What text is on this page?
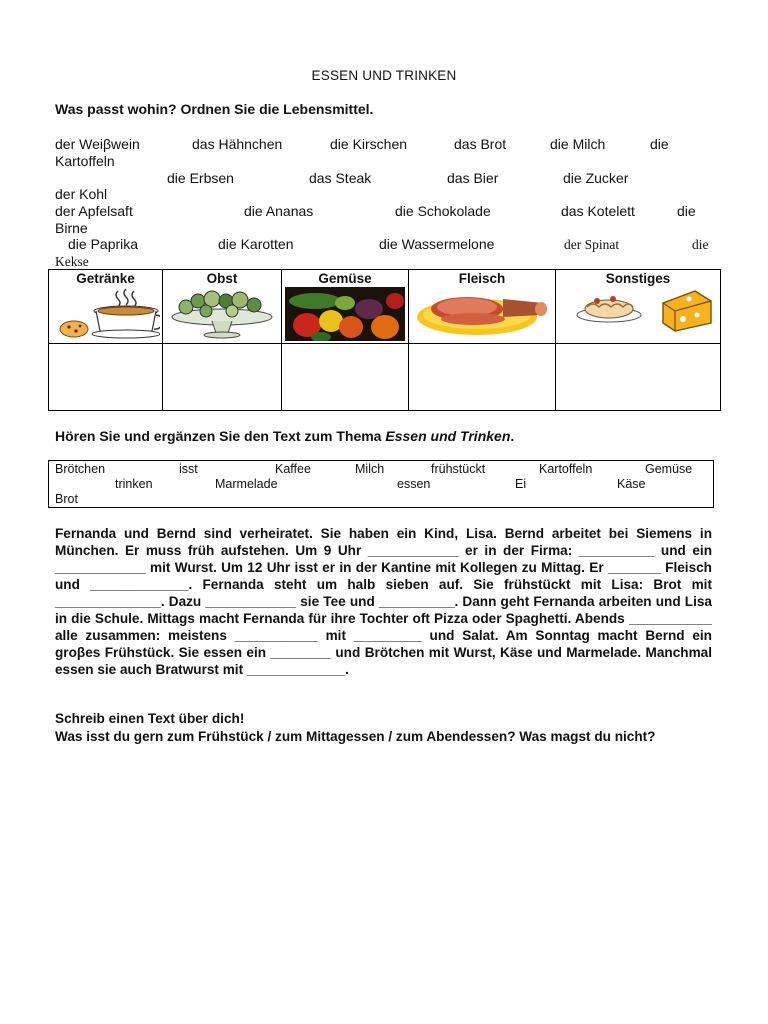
ESSEN UND TRINKEN
Was passt wohin? Ordnen Sie die Lebensmittel.
der Weiβwein	das Hähnchen	die Kirschen	das Brot	die Milch	die
Kartoffeln
die Erbsen	das Steak	das Bier	die Zucker
der Kohl
der Apfelsaft	die Ananas	die Schokolade	das Kotelett	die
Birne
die Paprika	die Karotten	die Wassermelone	der Spinat	die
Kekse
Getränke	Obst	Gemüse	Fleisch	Sonstiges

Hören Sie und ergänzen Sie den Text zum Thema Essen und Trinken.
Brötchen	isst	Kaffee	Milch	frühstückt	Kartoffeln	Gemüse
trinken	Marmelade	essen	Ei	Käse
Brot
Fernanda und Bernd sind verheiratet. Sie haben ein Kind, Lisa. Bernd arbeitet bei Siemens in München. Er muss früh aufstehen. Um 9 Uhr ____________ er in der Firma: __________ und ein ____________ mit Wurst. Um 12 Uhr isst er in der Kantine mit Kollegen zu Mittag. Er _______ Fleisch und _____________. Fernanda steht um halb sieben auf. Sie frühstückt mit Lisa: Brot mit ______________. Dazu ____________ sie Tee und __________. Dann geht Fernanda arbeiten und Lisa in die Schule. Mittags macht Fernanda für ihre Tochter oft Pizza oder Spaghetti. Abends ___________ alle zusammen: meistens ___________ mit _________ und Salat. Am Sonntag macht Bernd ein groβes Frühstück. Sie essen ein ________ und Brötchen mit Wurst, Käse und Marmelade. Manchmal essen sie auch Bratwurst mit _____________.
Schreib einen Text über dich!
Was isst du gern zum Frühstück / zum Mittagessen / zum Abendessen? Was magst du nicht?
